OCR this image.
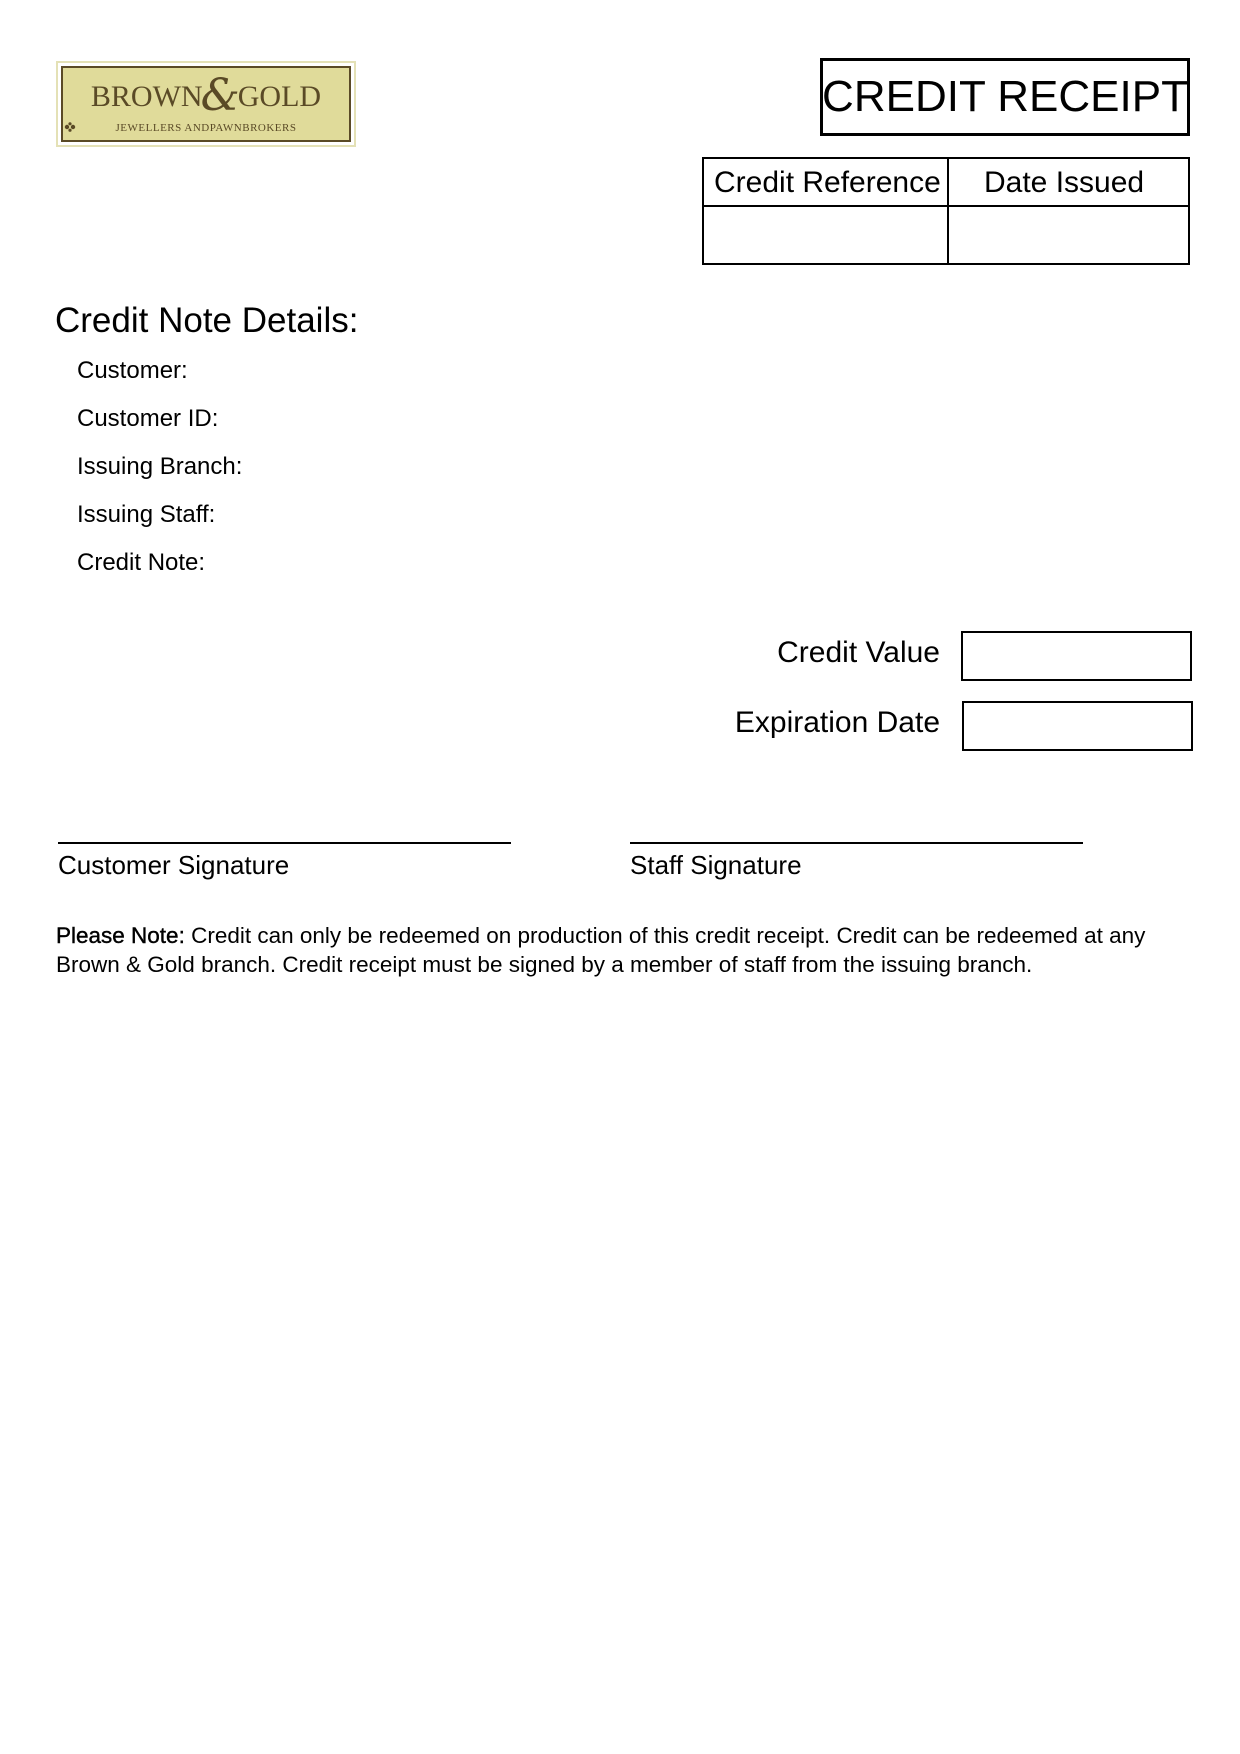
BROWN&GOLD
JEWELLERS AND
PAWNBROKERS
CREDIT RECEIPT
Credit Reference Date Issued
Credit Note Details:
Customer:
Customer ID:
Issuing Branch:
Issuing Staff:
Credit Note:
Credit Value
Expiration Date
Customer Signature	Staff Signature
Please Note: Credit can only be redeemed on production of this credit receipt. Credit can be redeemed at any Brown & Gold branch. Credit receipt must be signed by a member of staff from the issuing branch.
